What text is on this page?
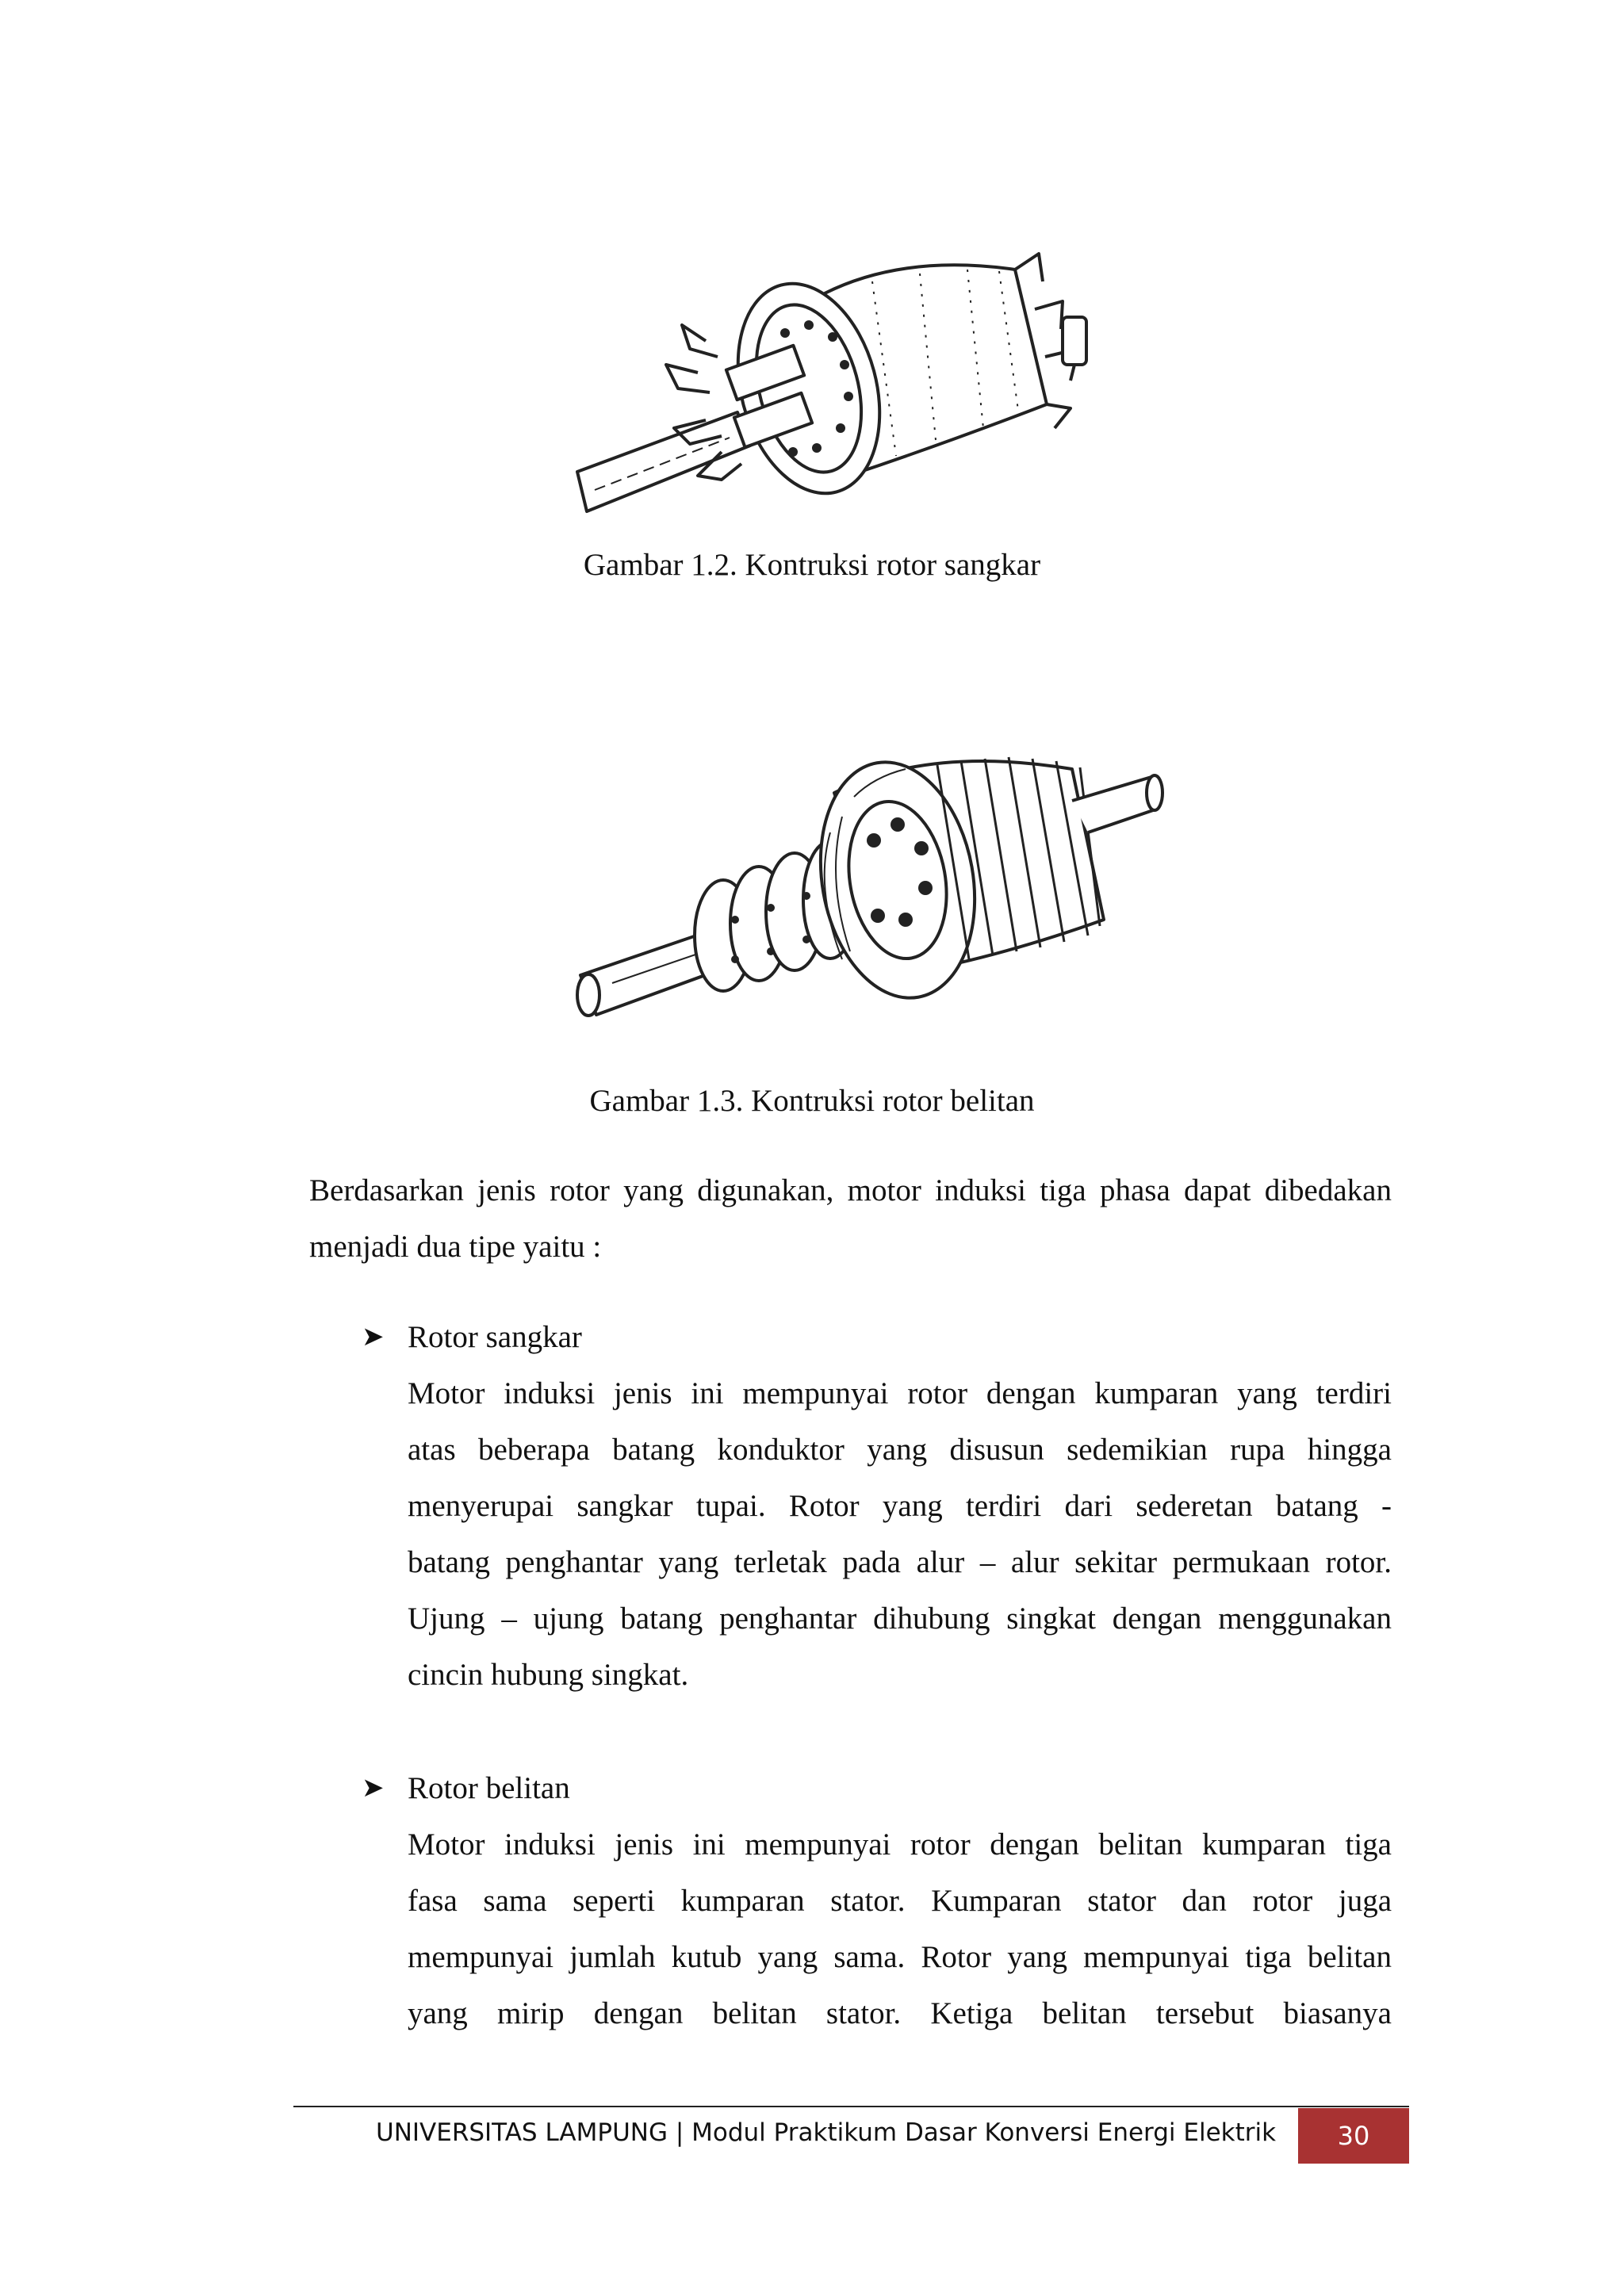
Gambar 1.2. Kontruksi rotor sangkar
Gambar 1.3. Kontruksi rotor belitan

Berdasarkan jenis rotor yang digunakan, motor induksi tiga phasa dapat dibedakan

menjadi dua tipe yaitu :

➤ Rotor sangkar

Motor induksi jenis ini mempunyai rotor dengan kumparan yang terdiri

atas beberapa batang konduktor yang disusun sedemikian rupa hingga

menyerupai sangkar tupai. Rotor yang terdiri dari sederetan batang -

batang penghantar yang terletak pada alur – alur sekitar permukaan rotor.

Ujung – ujung batang penghantar dihubung singkat dengan menggunakan

cincin hubung singkat.

➤ Rotor belitan

Motor induksi jenis ini mempunyai rotor dengan belitan kumparan tiga

fasa sama seperti kumparan stator. Kumparan stator dan rotor juga

mempunyai jumlah kutub yang sama. Rotor yang mempunyai tiga belitan

yang mirip dengan belitan stator. Ketiga belitan tersebut biasanya

UNIVERSITAS LAMPUNG | Modul Praktikum Dasar Konversi Energi Elektrik	30
